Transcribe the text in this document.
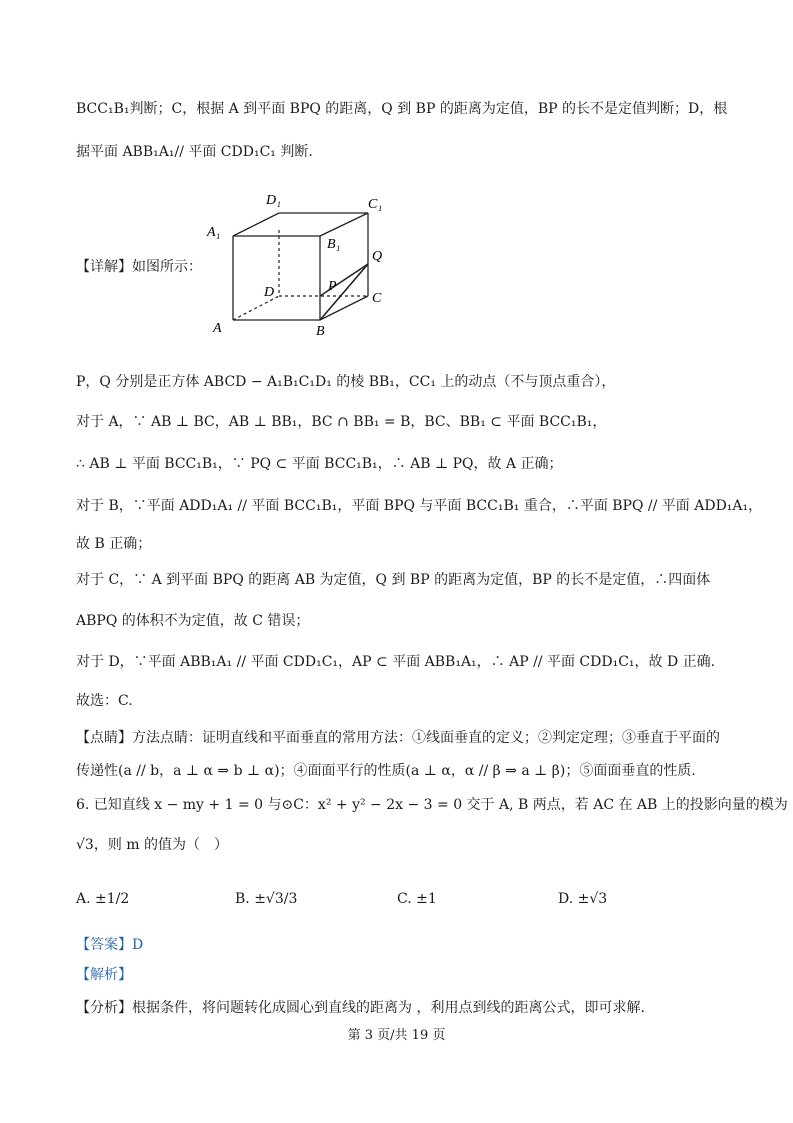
BCC₁B₁判断；C，根据 A 到平面 BPQ 的距离，Q 到 BP 的距离为定值，BP 的长不是定值判断；D，根
据平面 ABB₁A₁// 平面 CDD₁C₁ 判断.
【详解】如图所示：
D₁	C₁
A₁
B₁
Q
D	P
C
A	B
P，Q 分别是正方体 ABCD − A₁B₁C₁D₁ 的棱 BB₁，CC₁ 上的动点（不与顶点重合），
对于 A，∵ AB ⊥ BC，AB ⊥ BB₁，BC ∩ BB₁ = B，BC、BB₁ ⊂ 平面 BCC₁B₁，
∴ AB ⊥ 平面 BCC₁B₁，∵ PQ ⊂ 平面 BCC₁B₁，∴ AB ⊥ PQ，故 A 正确；
对于 B，∵平面 ADD₁A₁ // 平面 BCC₁B₁，平面 BPQ 与平面 BCC₁B₁ 重合，∴平面 BPQ // 平面 ADD₁A₁，
故 B 正确；
对于 C，∵ A 到平面 BPQ 的距离 AB 为定值，Q 到 BP 的距离为定值，BP 的长不是定值，∴四面体
ABPQ 的体积不为定值，故 C 错误；
对于 D，∵平面 ABB₁A₁ // 平面 CDD₁C₁，AP ⊂ 平面 ABB₁A₁，∴ AP // 平面 CDD₁C₁，故 D 正确.
故选：C.
【点睛】方法点睛：证明直线和平面垂直的常用方法：①线面垂直的定义；②判定定理；③垂直于平面的
传递性(a // b，a ⊥ α ⇒ b ⊥ α)；④面面平行的性质(a ⊥ α，α // β ⇒ a ⊥ β)；⑤面面垂直的性质.
6. 已知直线 x − my + 1 = 0 与⊙C：x² + y² − 2x − 3 = 0 交于 A, B 两点，若 AC 在 AB 上的投影向量的模为
√3，则 m 的值为（　）
A. ±1/2	B. ±√3/3	C. ±1	D. ±√3
【答案】D
【解析】
【分析】根据条件，将问题转化成圆心到直线的距离为 ，利用点到线的距离公式，即可求解.
第 3 页/共 19 页
